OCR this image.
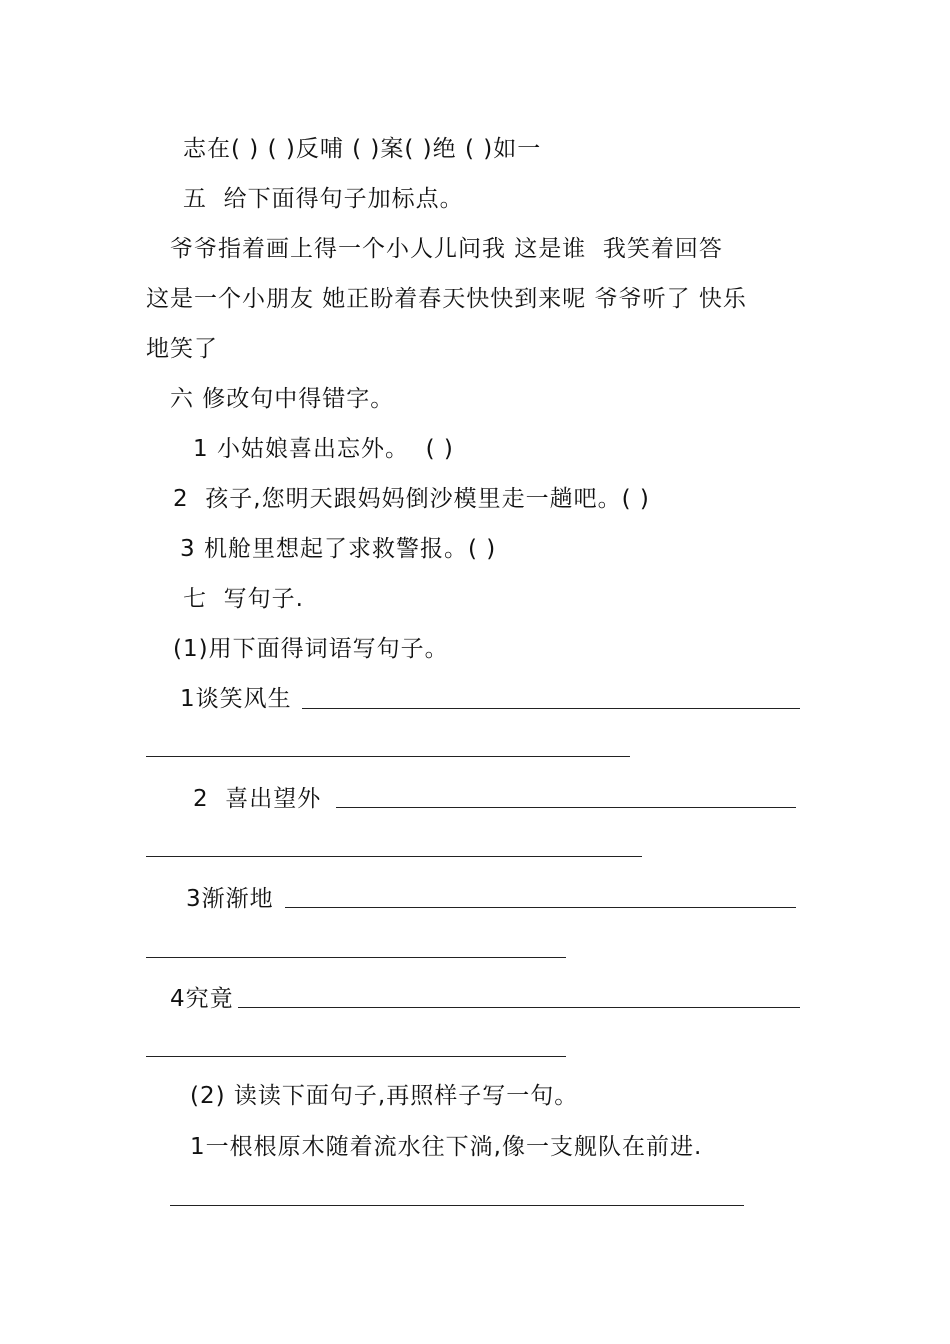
志在( ) ( )反哺 ( )案( )绝 ( )如一
五  给下面得句子加标点。
爷爷指着画上得一个小人儿问我 这是谁  我笑着回答
这是一个小朋友 她正盼着春天快快到来呢 爷爷听了 快乐
地笑了
六 修改句中得错字。
1 小姑娘喜出忘外。  ( )
2  孩子,您明天跟妈妈倒沙模里走一趟吧。( )
3 机舱里想起了求救警报。( )
七  写句子.
(1)用下面得词语写句子。
1谈笑风生
2  喜出望外
3渐渐地
4究竟
(2) 读读下面句子,再照样子写一句。
1一根根原木随着流水往下淌,像一支舰队在前进.
